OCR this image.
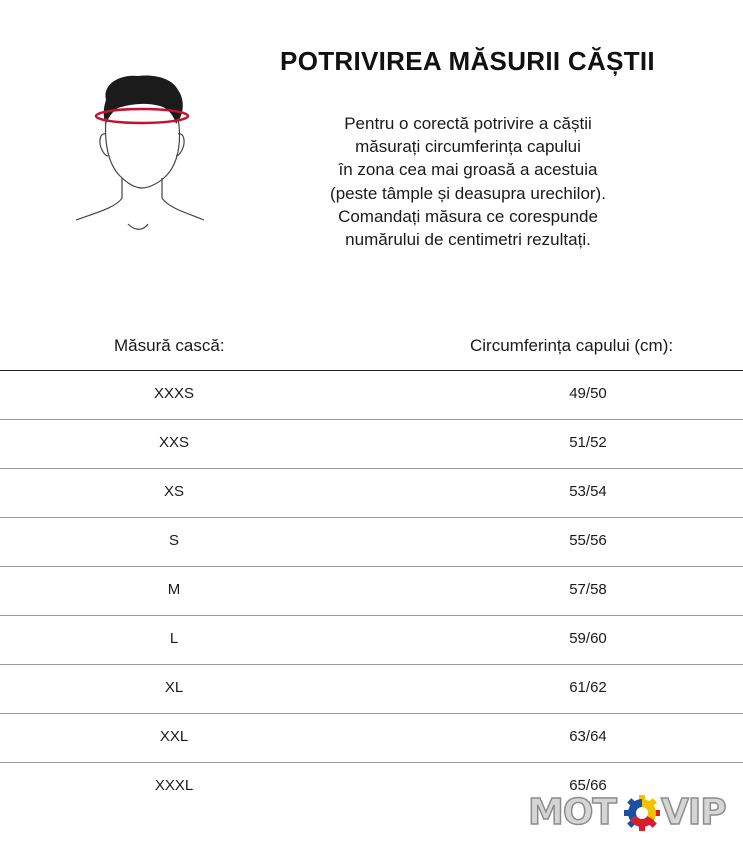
POTRIVIREA MĂSURII CĂȘTII
Pentru o corectă potrivire a căștii
măsurați circumferința capului
în zona cea mai groasă a acestuia
(peste tâmple și deasupra urechilor).
Comandați măsura ce corespunde
numărului de centimetri rezultați.
Măsură cască:	Circumferința capului (cm):
XXXS	49/50
XXS	51/52
XS	53/54
S	55/56
M	57/58
L	59/60
XL	61/62
XXL	63/64
XXXL	65/66
MOT VIP
